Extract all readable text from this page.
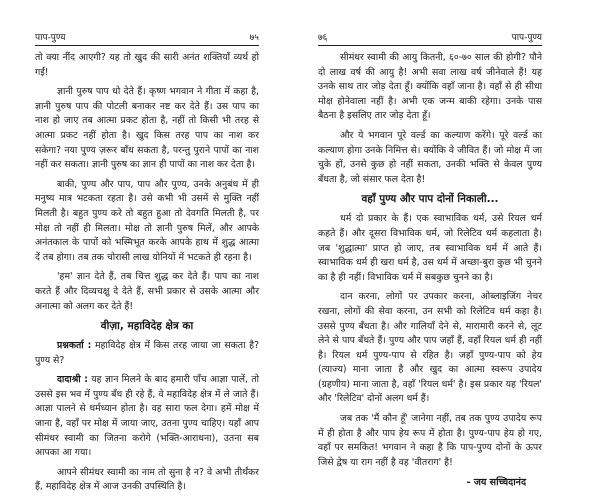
पाप-पुण्य	७५

तो क्या नींद आएगी? यह तो खुद की सारी अनंत शक्तियाँ व्यर्थ हो गईं!

ज्ञानी पुरुष पाप धो देते हैं। कृष्ण भगवान ने गीता में कहा है, ज्ञानी पुरुष पाप की पोटली बनाकर नष्ट कर देते हैं। उस पाप का नाश हो जाए तब आत्मा प्रकट होता है, नहीं तो किसी भी तरह से आत्मा प्रकट नहीं होता है। खुद किस तरह पाप का नाश कर सकेगा? नया पुण्य ज़रूर बाँध सकता है, परन्तु पुराने पापों का नाश नहीं कर सकता। ज्ञानी पुरुष का ज्ञान ही पापों का नाश कर देता है।

बाकी, पुण्य और पाप, पाप और पुण्य, उनके अनुबंध में ही मनुष्य मात्र भटकता रहता है। उसे कभी भी उसमें से मुक्ति नहीं मिलती है। बहुत पुण्य करे तो बहुत हुआ तो देवगति मिलती है, पर मोक्ष तो नहीं ही मिलता। मोक्ष तो ज्ञानी पुरुष मिलें, और आपके अनंतकाल के पापों को भस्मिभूत करके आपके हाथ में शुद्ध आत्मा दें तब होगा। तब तक चोरासी लाख योनियों में भटकते ही रहना है।

'हम' ज्ञान देते हैं, तब चित्त शुद्ध कर देते हैं। पाप का नाश करते हैं और दिव्यचक्षु दे देते हैं, सभी प्रकार से उसके आत्मा और अनात्मा को अलग कर देते हैं!

वीज़ा, महाविदेह क्षेत्र का

प्रश्नकर्ता : महाविदेह क्षेत्र में किस तरह जाया जा सकता है? पुण्य से?

दादाश्री : यह ज्ञान मिलने के बाद हमारी पाँच आज्ञा पालें, तो उससे इस भव में पुण्य बँध ही रहे हैं, वे महाविदेह क्षेत्र में ले जाते हैं। आज्ञा पालने से धर्मध्यान होता है। वह सारा फल देगा। हमें मोक्ष में जाना है, वहाँ पर मोक्ष में जाया जाए, उतना पुण्य चाहिए। यहाँ आप सीमंधर स्वामी का जितना करोगे (भक्ति-आराधना), उतना सब आपका आ गया।

आपने सीमंधर स्वामी का नाम तो सुना है न? वे अभी तीर्थंकर हैं, महाविदेह क्षेत्र में आज उनकी उपस्थिति है।

७६	पाप-पुण्य

सीमंधर स्वामी की आयु कितनी, ६०-७० साल की होगी? पौने दो लाख वर्ष की आयु है! अभी सवा लाख वर्ष जीनेवाले हैं! यह उनके साथ तार जोड़ देता हूँ। क्योंकि वहाँ जाना है। वहाँ से ही सीधा मोक्ष होनेवाला नहीं है। अभी एक जन्म बाकी रहेगा। उनके पास बैठना है इसलिए तार जोड़ देता हूँ।

और ये भगवान पूरे वर्ल्ड का कल्याण करेंगे। पूरे वर्ल्ड का कल्याण होगा उनके निमित्त से। क्योंकि वे जीवित हैं। जो मोक्ष में जा चुके हों, उनसे कुछ हो नहीं सकता, उनकी भक्ति से केवल पुण्य बँधता है, जो संसार फल देता है!

वहाँ पुण्य और पाप दोनों निकाली...

धर्म दो प्रकार के हैं। एक स्वाभाविक धर्म, उसे रियल धर्म कहते हैं। और दूसरा विभाविक धर्म, जो रिलेटिव धर्म कहलाता है। जब 'शुद्धात्मा' प्राप्त हो जाए, तब स्वाभाविक धर्म में आते हैं। स्वाभाविक धर्म ही खरा धर्म है, उस धर्म में अच्छा-बुरा कुछ भी चुनने का है ही नहीं। विभाविक धर्म में सबकुछ चुनने का है।

दान करना, लोगों पर उपकार करना, ओब्लाइजिंग नेचर रखना, लोगों की सेवा करना, उन सभी को रिलेटिव धर्म कहा है। उससे पुण्य बँधता है। और गालियाँ देने से, मारामारी करने से, लूट लेने से पाप बँधते हैं। पुण्य और पाप जहाँ हैं, वहाँ रियल धर्म ही नहीं है। रियल धर्म पुण्य-पाप से रहित है। जहाँ पुण्य-पाप को हेय (त्याज्य) माना जाता है और खुद का आत्मा स्वरूप उपादेय (ग्रहणीय) माना जाता है, वहाँ 'रियल धर्म' है। इस प्रकार यह 'रियल' और 'रिलेटिव' दोनों अलग धर्म हैं।

जब तक 'मैं कौन हूँ' जानेगा नहीं, तब तक पुण्य उपादेय रूप में ही होता है और पाप हेय रूप में होता है। पुण्य-पाप हेय हो गए, वहाँ पर समकित! भगवान ने कहा है कि पाप-पुण्य दोनों के ऊपर जिसे द्वेष या राग नहीं है वह 'वीतराग' है!

- जय सच्चिदानंद
